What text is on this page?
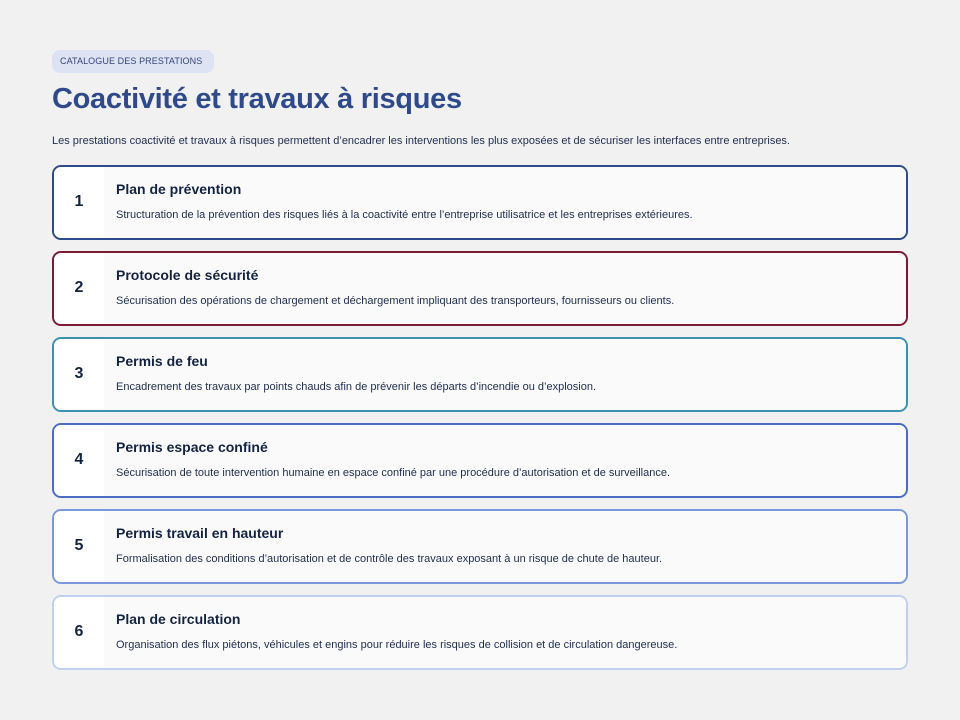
CATALOGUE DES PRESTATIONS
Coactivité et travaux à risques

Les prestations coactivité et travaux à risques permettent d’encadrer les interventions les plus exposées et de sécuriser les interfaces entre entreprises.

1
Plan de prévention
Structuration de la prévention des risques liés à la coactivité entre l’entreprise utilisatrice et les entreprises extérieures.
2
Protocole de sécurité
Sécurisation des opérations de chargement et déchargement impliquant des transporteurs, fournisseurs ou clients.
3
Permis de feu
Encadrement des travaux par points chauds afin de prévenir les départs d’incendie ou d’explosion.
4
Permis espace confiné
Sécurisation de toute intervention humaine en espace confiné par une procédure d’autorisation et de surveillance.
5
Permis travail en hauteur
Formalisation des conditions d’autorisation et de contrôle des travaux exposant à un risque de chute de hauteur.
6
Plan de circulation
Organisation des flux piétons, véhicules et engins pour réduire les risques de collision et de circulation dangereuse.
